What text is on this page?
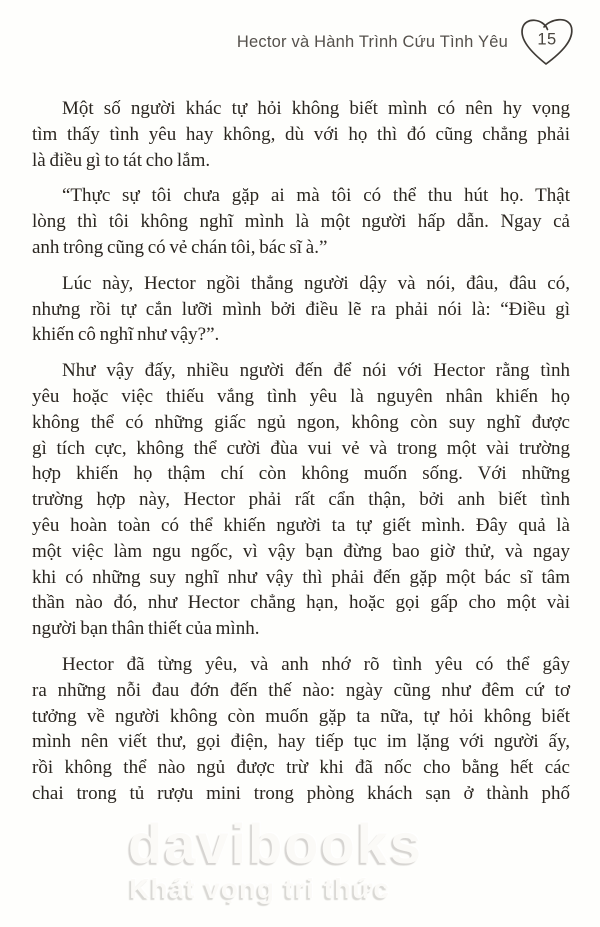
Hector và Hành Trình Cứu Tình Yêu 15
Một số người khác tự hỏi không biết mình có nên hy vọng
tìm thấy tình yêu hay không, dù với họ thì đó cũng chẳng phải
là điều gì to tát cho lắm.
“Thực sự tôi chưa gặp ai mà tôi có thể thu hút họ. Thật
lòng thì tôi không nghĩ mình là một người hấp dẫn. Ngay cả
anh trông cũng có vẻ chán tôi, bác sĩ à.”
Lúc này, Hector ngồi thẳng người dậy và nói, đâu, đâu có,
nhưng rồi tự cắn lưỡi mình bởi điều lẽ ra phải nói là: “Điều gì
khiến cô nghĩ như vậy?”.
Như vậy đấy, nhiều người đến để nói với Hector rằng tình
yêu hoặc việc thiếu vắng tình yêu là nguyên nhân khiến họ
không thể có những giấc ngủ ngon, không còn suy nghĩ được
gì tích cực, không thể cười đùa vui vẻ và trong một vài trường
hợp khiến họ thậm chí còn không muốn sống. Với những
trường hợp này, Hector phải rất cẩn thận, bởi anh biết tình
yêu hoàn toàn có thể khiến người ta tự giết mình. Đây quả là
một việc làm ngu ngốc, vì vậy bạn đừng bao giờ thử, và ngay
khi có những suy nghĩ như vậy thì phải đến gặp một bác sĩ tâm
thần nào đó, như Hector chẳng hạn, hoặc gọi gấp cho một vài
người bạn thân thiết của mình.
Hector đã từng yêu, và anh nhớ rõ tình yêu có thể gây
ra những nỗi đau đớn đến thế nào: ngày cũng như đêm cứ tơ
tưởng về người không còn muốn gặp ta nữa, tự hỏi không biết
mình nên viết thư, gọi điện, hay tiếp tục im lặng với người ấy,
rồi không thể nào ngủ được trừ khi đã nốc cho bằng hết các
chai trong tủ rượu mini trong phòng khách sạn ở thành phố
davibooks
Khát vọng tri thức
